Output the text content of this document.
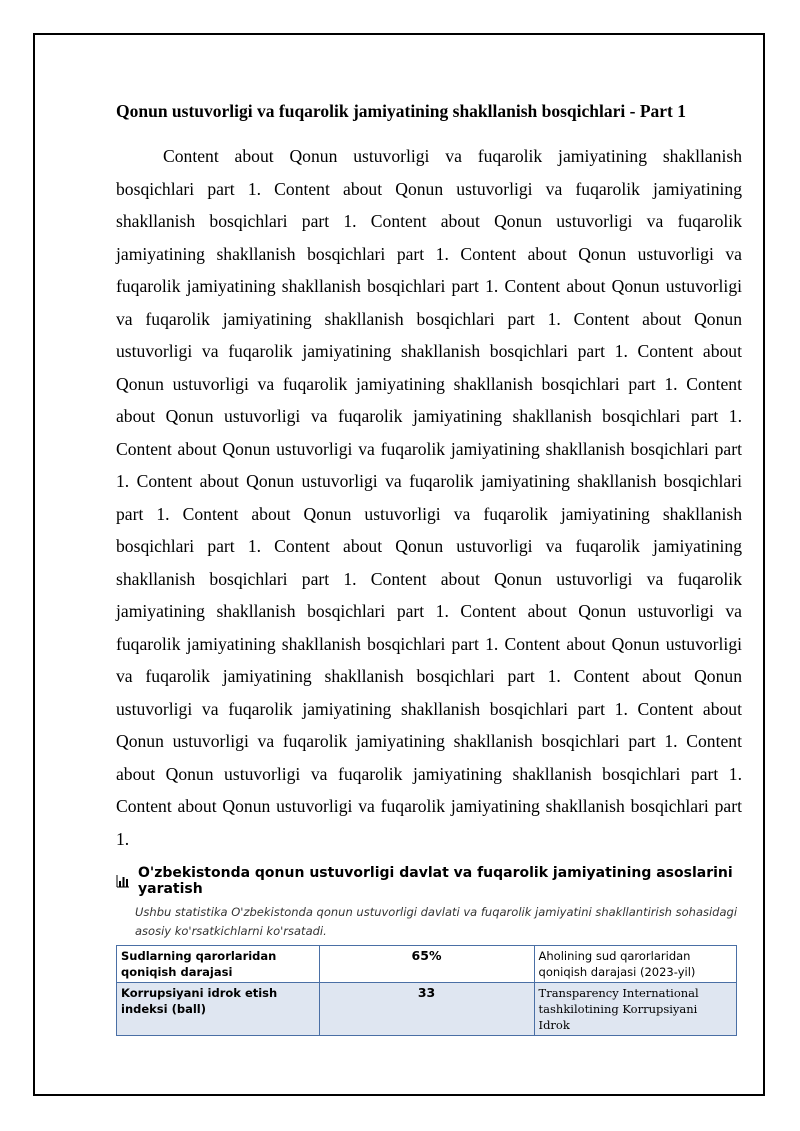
Qonun ustuvorligi va fuqarolik jamiyatining shakllanish bosqichlari - Part 1

Content about Qonun ustuvorligi va fuqarolik jamiyatining shakllanish bosqichlari part 1. Content about Qonun ustuvorligi va fuqarolik jamiyatining shakllanish bosqichlari part 1. Content about Qonun ustuvorligi va fuqarolik jamiyatining shakllanish bosqichlari part 1. Content about Qonun ustuvorligi va fuqarolik jamiyatining shakllanish bosqichlari part 1. Content about Qonun ustuvorligi va fuqarolik jamiyatining shakllanish bosqichlari part 1. Content about Qonun ustuvorligi va fuqarolik jamiyatining shakllanish bosqichlari part 1. Content about Qonun ustuvorligi va fuqarolik jamiyatining shakllanish bosqichlari part 1. Content about Qonun ustuvorligi va fuqarolik jamiyatining shakllanish bosqichlari part 1. Content about Qonun ustuvorligi va fuqarolik jamiyatining shakllanish bosqichlari part 1. Content about Qonun ustuvorligi va fuqarolik jamiyatining shakllanish bosqichlari part 1. Content about Qonun ustuvorligi va fuqarolik jamiyatining shakllanish bosqichlari part 1. Content about Qonun ustuvorligi va fuqarolik jamiyatining shakllanish bosqichlari part 1. Content about Qonun ustuvorligi va fuqarolik jamiyatining shakllanish bosqichlari part 1. Content about Qonun ustuvorligi va fuqarolik jamiyatining shakllanish bosqichlari part 1. Content about Qonun ustuvorligi va fuqarolik jamiyatining shakllanish bosqichlari part 1. Content about Qonun ustuvorligi va fuqarolik jamiyatining shakllanish bosqichlari part 1. Content about Qonun ustuvorligi va fuqarolik jamiyatining shakllanish bosqichlari part 1. Content about Qonun ustuvorligi va fuqarolik jamiyatining shakllanish bosqichlari part 1. Content about Qonun ustuvorligi va fuqarolik jamiyatining shakllanish bosqichlari part 1.

O'zbekistonda qonun ustuvorligi davlat va fuqarolik jamiyatining asoslarini yaratish
Ushbu statistika O'zbekistonda qonun ustuvorligi davlati va fuqarolik jamiyatini shakllantirish sohasidagi asosiy ko'rsatkichlarni ko'rsatadi.
Sudlarning qarorlaridan qoniqish darajasi	65%	Aholining sud qarorlaridan qoniqish darajasi (2023-yil)
Korrupsiyani idrok etish indeksi (ball)	33	Transparency International tashkilotining Korrupsiyani Idrok
